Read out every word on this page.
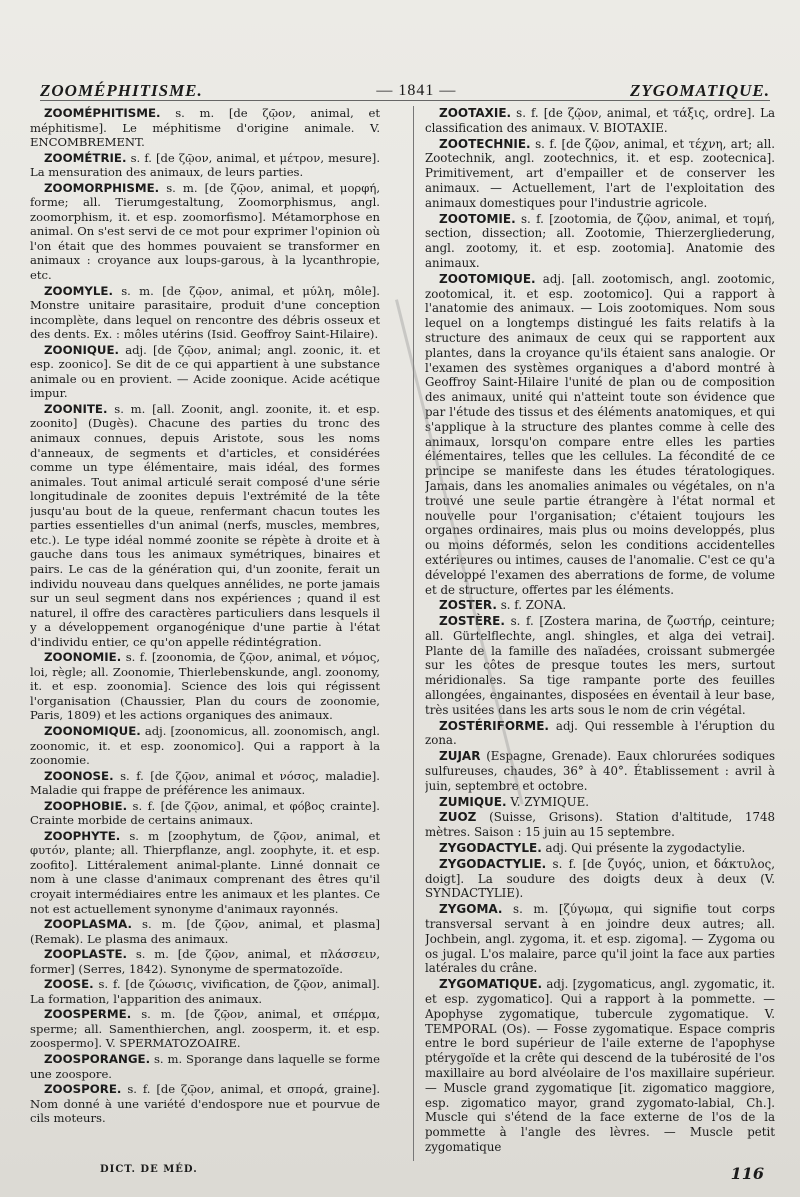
ZOOMÉPHITISME.	— 1841 —	ZYGOMATIQUE.

ZOOMÉPHITISME. s. m. [de ζῷον, animal, et méphitisme]. Le méphitisme d'origine animale. V. ENCOMBREMENT.

ZOOMÉTRIE. s. f. [de ζῷον, animal, et μέτρον, mesure]. La mensuration des animaux, de leurs parties.

ZOOMORPHISME. s. m. [de ζῷον, animal, et μορφή, forme; all. Tierumgestaltung, Zoomorphismus, angl. zoomorphism, it. et esp. zoomorfismo]. Métamorphose en animal. On s'est servi de ce mot pour exprimer l'opinion où l'on était que des hommes pouvaient se transformer en animaux : croyance aux loups-garous, à la lycanthropie, etc.

ZOOMYLE. s. m. [de ζῷον, animal, et μύλη, môle]. Monstre unitaire parasitaire, produit d'une conception incomplète, dans lequel on rencontre des débris osseux et des dents. Ex. : môles utérins (Isid. Geoffroy Saint-Hilaire).

ZOONIQUE. adj. [de ζῷον, animal; angl. zoonic, it. et esp. zoonico]. Se dit de ce qui appartient à une substance animale ou en provient. — Acide zoonique. Acide acétique impur.

ZOONITE. s. m. [all. Zoonit, angl. zoonite, it. et esp. zoonito] (Dugès). Chacune des parties du tronc des animaux connues, depuis Aristote, sous les noms d'anneaux, de segments et d'articles, et considérées comme un type élémentaire, mais idéal, des formes animales. Tout animal articulé serait composé d'une série longitudinale de zoonites depuis l'extrémité de la tête jusqu'au bout de la queue, renfermant chacun toutes les parties essentielles d'un animal (nerfs, muscles, membres, etc.). Le type idéal nommé zoonite se répète à droite et à gauche dans tous les animaux symétriques, binaires et pairs. Le cas de la génération qui, d'un zoonite, ferait un individu nouveau dans quelques annélides, ne porte jamais sur un seul segment dans nos expériences ; quand il est naturel, il offre des caractères particuliers dans lesquels il y a développement organogénique d'une partie à l'état d'individu entier, ce qu'on appelle rédintégration.

ZOONOMIE. s. f. [zoonomia, de ζῷον, animal, et νόμος, loi, règle; all. Zoonomie, Thierlebenskunde, angl. zoonomy, it. et esp. zoonomia]. Science des lois qui régissent l'organisation (Chaussier, Plan du cours de zoonomie, Paris, 1809) et les actions organiques des animaux.

ZOONOMIQUE. adj. [zoonomicus, all. zoonomisch, angl. zoonomic, it. et esp. zoonomico]. Qui a rapport à la zoonomie.

ZOONOSE. s. f. [de ζῷον, animal et νόσος, maladie]. Maladie qui frappe de préférence les animaux.

ZOOPHOBIE. s. f. [de ζῷον, animal, et φόβος crainte]. Crainte morbide de certains animaux.

ZOOPHYTE. s. m [zoophytum, de ζῷον, animal, et φυτόν, plante; all. Thierpflanze, angl. zoophyte, it. et esp. zoofito]. Littéralement animal-plante. Linné donnait ce nom à une classe d'animaux comprenant des êtres qu'il croyait intermédiaires entre les animaux et les plantes. Ce not est actuellement synonyme d'animaux rayonnés.

ZOOPLASMA. s. m. [de ζῷον, animal, et plasma] (Remak). Le plasma des animaux.

ZOOPLASTE. s. m. [de ζῷον, animal, et πλάσσειν, former] (Serres, 1842). Synonyme de spermatozoïde.

ZOOSE. s. f. [de ζώωσις, vivification, de ζῷον, animal]. La formation, l'apparition des animaux.

ZOOSPERME. s. m. [de ζῷον, animal, et σπέρμα, sperme; all. Samenthierchen, angl. zoosperm, it. et esp. zoospermo]. V. SPERMATOZOAIRE.

ZOOSPORANGE. s. m. Sporange dans laquelle se forme une zoospore.

ZOOSPORE. s. f. [de ζῷον, animal, et σπορά, graine]. Nom donné à une variété d'endospore nue et pourvue de cils moteurs.

ZOOTAXIE. s. f. [de ζῷον, animal, et τάξις, ordre]. La classification des animaux. V. BIOTAXIE.

ZOOTECHNIE. s. f. [de ζῷον, animal, et τέχνη, art; all. Zootechnik, angl. zootechnics, it. et esp. zootecnica]. Primitivement, art d'empailler et de conserver les animaux. — Actuellement, l'art de l'exploitation des animaux domestiques pour l'industrie agricole.

ZOOTOMIE. s. f. [zootomia, de ζῷον, animal, et τομή, section, dissection; all. Zootomie, Thierzergliederung, angl. zootomy, it. et esp. zootomia]. Anatomie des animaux.

ZOOTOMIQUE. adj. [all. zootomisch, angl. zootomic, zootomical, it. et esp. zootomico]. Qui a rapport à l'anatomie des animaux. — Lois zootomiques. Nom sous lequel on a longtemps distingué les faits relatifs à la structure des animaux de ceux qui se rapportent aux plantes, dans la croyance qu'ils étaient sans analogie. Or l'examen des systèmes organiques a d'abord montré à Geoffroy Saint-Hilaire l'unité de plan ou de composition des animaux, unité qui n'atteint toute son évidence que par l'étude des tissus et des éléments anatomiques, et qui s'applique à la structure des plantes comme à celle des animaux, lorsqu'on compare entre elles les parties élémentaires, telles que les cellules. La fécondité de ce principe se manifeste dans les études tératologiques. Jamais, dans les anomalies animales ou végétales, on n'a trouvé une seule partie étrangère à l'état normal et nouvelle pour l'organisation; c'étaient toujours les organes ordinaires, mais plus ou moins developpés, plus ou moins déformés, selon les conditions accidentelles extérieures ou intimes, causes de l'anomalie. C'est ce qu'a développé l'examen des aberrations de forme, de volume et de structure, offertes par les éléments.

ZOSTER. s. f. ZONA.

ZOSTÈRE. s. f. [Zostera marina, de ζωστήρ, ceinture; all. Gürtelflechte, angl. shingles, et alga dei vetrai]. Plante de la famille des naïadées, croissant submergée sur les côtes de presque toutes les mers, surtout méridionales. Sa tige rampante porte des feuilles allongées, engainantes, disposées en éventail à leur base, très usitées dans les arts sous le nom de crin végétal.

ZOSTÉRIFORME. adj. Qui ressemble à l'éruption du zona.

ZUJAR (Espagne, Grenade). Eaux chlorurées sodiques sulfureuses, chaudes, 36° à 40°. Établissement : avril à juin, septembre et octobre.

ZUMIQUE. V. ZYMIQUE.

ZUOZ (Suisse, Grisons). Station d'altitude, 1748 mètres. Saison : 15 juin au 15 septembre.

ZYGODACTYLE. adj. Qui présente la zygodactylie.

ZYGODACTYLIE. s. f. [de ζυγός, union, et δάκτυλος, doigt]. La soudure des doigts deux à deux (V. SYNDACTYLIE).

ZYGOMA. s. m. [ζύγωμα, qui signifie tout corps transversal servant à en joindre deux autres; all. Jochbein, angl. zygoma, it. et esp. zigoma]. — Zygoma ou os jugal. L'os malaire, parce qu'il joint la face aux parties latérales du crâne.

ZYGOMATIQUE. adj. [zygomaticus, angl. zygomatic, it. et esp. zygomatico]. Qui a rapport à la pommette. — Apophyse zygomatique, tubercule zygomatique. V. TEMPORAL (Os). — Fosse zygomatique. Espace compris entre le bord supérieur de l'aile externe de l'apophyse ptérygoïde et la crête qui descend de la tubérosité de l'os maxillaire au bord alvéolaire de l'os maxillaire supérieur. — Muscle grand zygomatique [it. zigomatico maggiore, esp. zigomatico mayor, grand zygomato-labial, Ch.]. Muscle qui s'étend de la face externe de l'os de la pommette à l'angle des lèvres. — Muscle petit zygomatique

DICT. DE MÉD.	116
